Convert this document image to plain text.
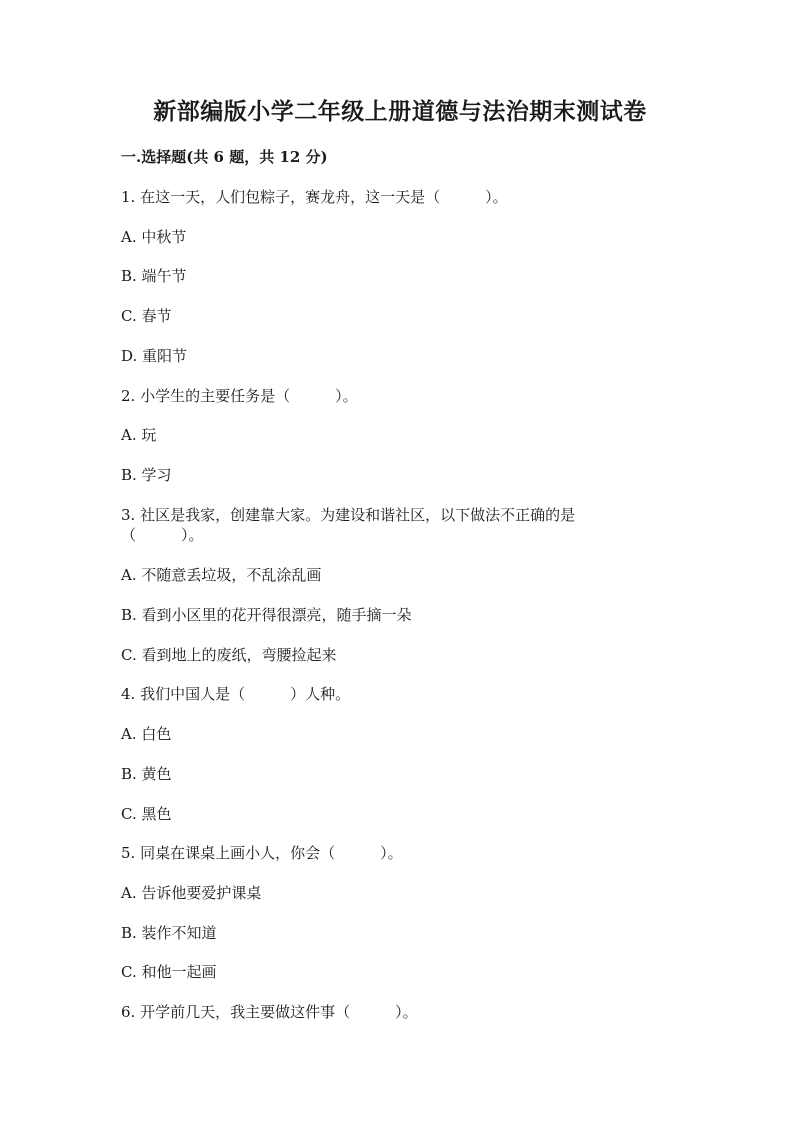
新部编版小学二年级上册道德与法治期末测试卷
一.选择题(共 6 题，共 12 分)
1. 在这一天，人们包粽子，赛龙舟，这一天是（　　　）。
A. 中秋节
B. 端午节
C. 春节
D. 重阳节
2. 小学生的主要任务是（　　　）。
A. 玩
B. 学习
3. 社区是我家，创建靠大家。为建设和谐社区，以下做法不正确的是
（　　　）。
A. 不随意丢垃圾，不乱涂乱画
B. 看到小区里的花开得很漂亮，随手摘一朵
C. 看到地上的废纸，弯腰捡起来
4. 我们中国人是（　　　）人种。
A. 白色
B. 黄色
C. 黑色
5. 同桌在课桌上画小人，你会（　　　）。
A. 告诉他要爱护课桌
B. 装作不知道
C. 和他一起画
6. 开学前几天，我主要做这件事（　　　）。
